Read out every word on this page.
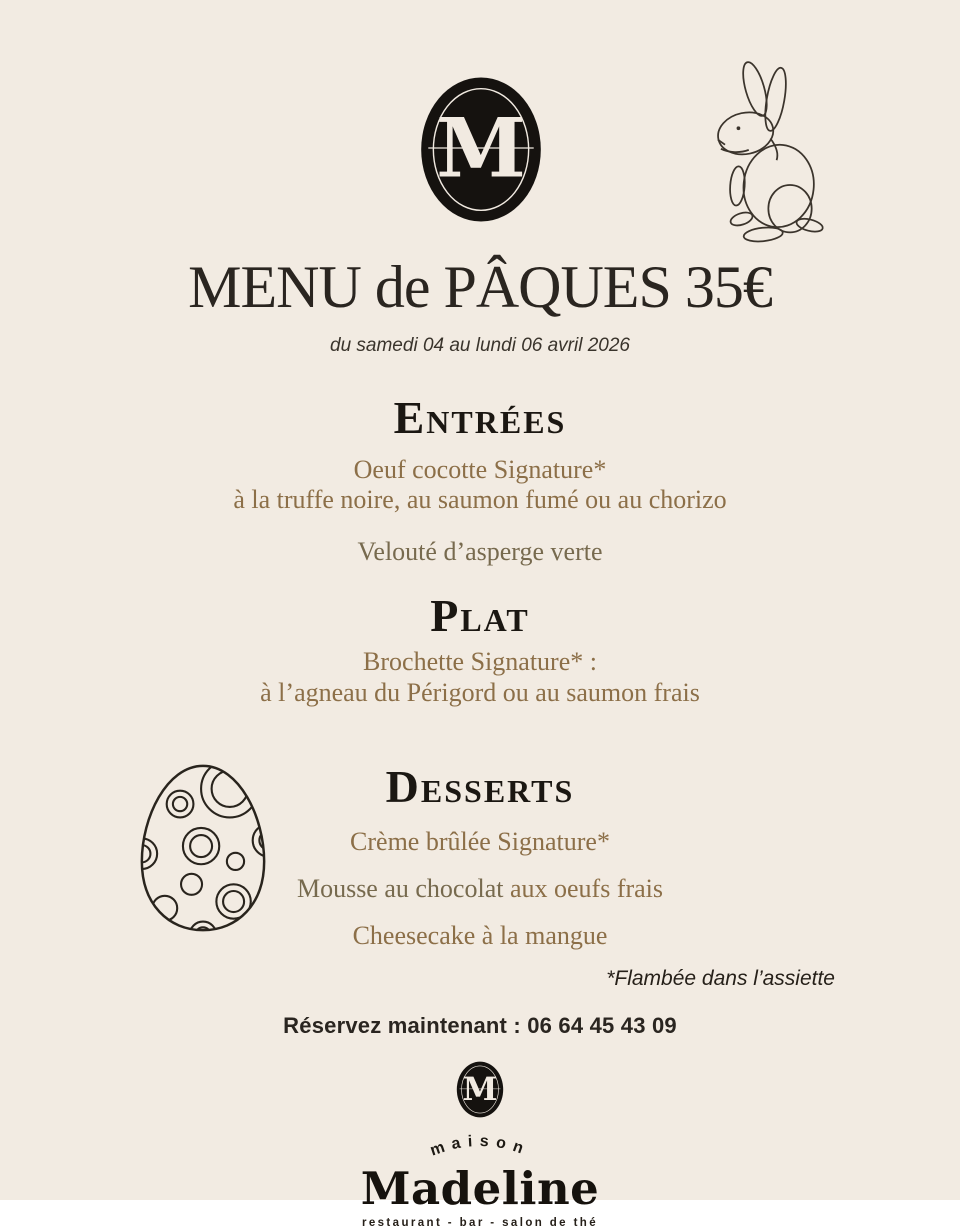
M
MENU de PÂQUES 35€
du samedi 04 au lundi 06 avril 2026
Entrées
Oeuf cocotte Signature*
à la truffe noire, au saumon fumé ou au chorizo
Velouté d’asperge verte
Plat
Brochette Signature* :
à l’agneau du Périgord ou au saumon frais
Desserts
Crème brûlée Signature*
Mousse au chocolat aux oeufs frais
Cheesecake à la mangue
*Flambée dans l’assiette
Réservez maintenant : 06 64 45 43 09
M
maison
Madeline
restaurant - bar - salon de thé
